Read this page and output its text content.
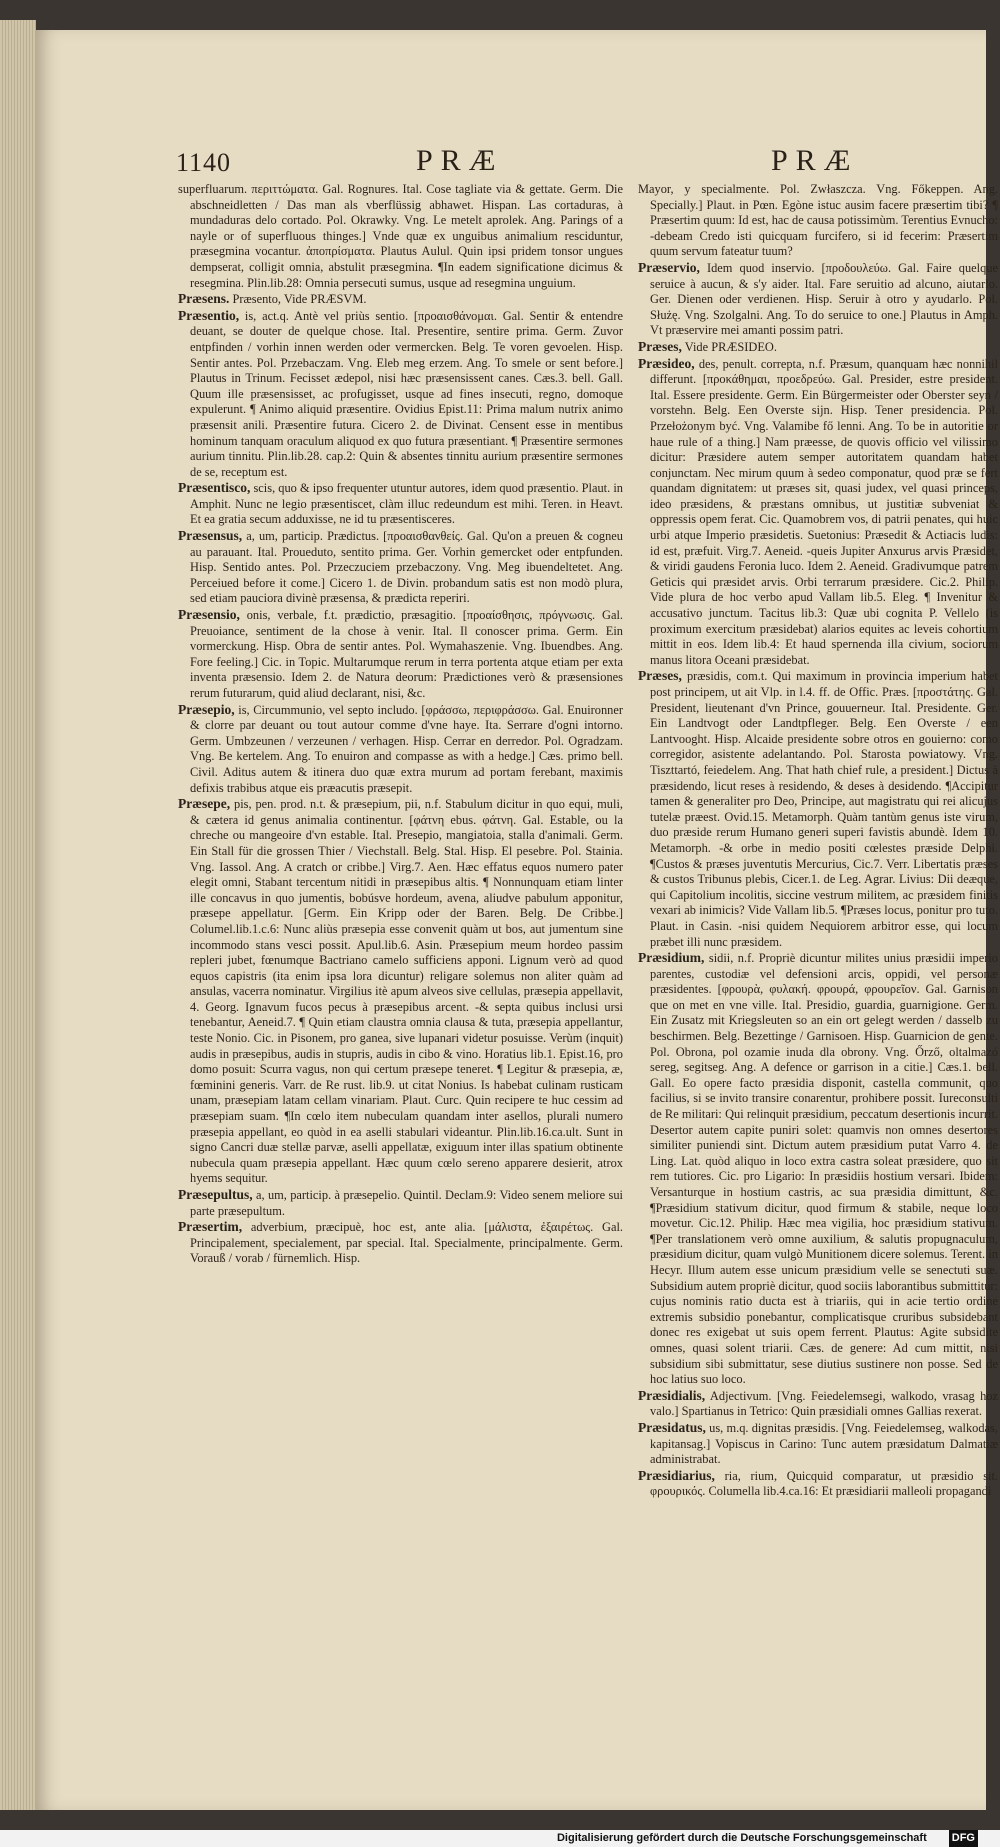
1140	PRÆ	PRÆ

superfluarum. περιττώματα. Gal. Rognures. Ital. Cose tagliate via & gettate. Germ. Die abschneidletten / Das man als vberflüssig abhawet. Hispan. Las cortaduras, à mundaduras delo cortado. Pol. Okrawky. Vng. Le metelt aprolek. Ang. Parings of a nayle or of superfluous thinges.] Vnde quæ ex unguibus animalium resciduntur, præsegmina vocantur. ἀποπρίσματα. Plautus Aulul. Quin ipsi pridem tonsor ungues dempserat, colligit omnia, abstulit præsegmina. ¶In eadem significatione dicimus & resegmina. Plin.lib.28: Omnia persecuti sumus, usque ad resegmina unguium.

Præsens. Præsento, Vide PRÆSVM.

Præsentio, is, act.q. Antè vel priùs sentio. [προαισθάνομαι. Gal. Sentir & entendre deuant, se douter de quelque chose. Ital. Presentire, sentire prima. Germ. Zuvor entpfinden / vorhin innen werden oder vermercken. Belg. Te voren gevoelen. Hisp. Sentir antes. Pol. Przebaczam. Vng. Eleb meg erzem. Ang. To smele or sent before.] Plautus in Trinum. Fecisset ædepol, nisi hæc præsensissent canes. Cæs.3. bell. Gall. Quum ille præsensisset, ac profugisset, usque ad fines insecuti, regno, domoque expulerunt. ¶ Animo aliquid præsentire. Ovidius Epist.11: Prima malum nutrix animo præsensit anili. Præsentire futura. Cicero 2. de Divinat. Censent esse in mentibus hominum tanquam oraculum aliquod ex quo futura præsentiant. ¶ Præsentire sermones aurium tinnitu. Plin.lib.28. cap.2: Quin & absentes tinnitu aurium præsentire sermones de se, receptum est.

Præsentisco, scis, quo & ipso frequenter utuntur autores, idem quod præsentio. Plaut. in Amphit. Nunc ne legio præsentiscet, clàm illuc redeundum est mihi. Teren. in Heavt. Et ea gratia secum adduxisse, ne id tu præsentisceres.

Præsensus, a, um, particip. Prædictus. [προαισθανθείς. Gal. Qu'on a preuen & cogneu au parauant. Ital. Proueduto, sentito prima. Ger. Vorhin gemercket oder entpfunden. Hisp. Sentido antes. Pol. Przeczuciem przebaczony. Vng. Meg ibuendeltetet. Ang. Perceiued before it come.] Cicero 1. de Divin. probandum satis est non modò plura, sed etiam pauciora divinè præsensa, & prædicta reperiri.

Præsensio, onis, verbale, f.t. prædictio, præsagitio. [προαίσθησις, πρόγνωσις. Gal. Preuoiance, sentiment de la chose à venir. Ital. Il conoscer prima. Germ. Ein vormerckung. Hisp. Obra de sentir antes. Pol. Wymahaszenie. Vng. Ibuendbes. Ang. Fore feeling.] Cic. in Topic. Multarumque rerum in terra portenta atque etiam per exta inventa præsensio. Idem 2. de Natura deorum: Prædictiones verò & præsensiones rerum futurarum, quid aliud declarant, nisi, &c.

Præsepio, is, Circummunio, vel septo includo. [φράσσω, περιφράσσω. Gal. Enuironner & clorre par deuant ou tout autour comme d'vne haye. Ita. Serrare d'ogni intorno. Germ. Umbzeunen / verzeunen / verhagen. Hisp. Cerrar en derredor. Pol. Ogradzam. Vng. Be kertelem. Ang. To enuiron and compasse as with a hedge.] Cæs. primo bell. Civil. Aditus autem & itinera duo quæ extra murum ad portam ferebant, maximis defixis trabibus atque eis præacutis præsepit.

Præsepe, pis, pen. prod. n.t. & præsepium, pii, n.f. Stabulum dicitur in quo equi, muli, & cætera id genus animalia continentur. [φάτνη ebus. φάτνη. Gal. Estable, ou la chreche ou mangeoire d'vn estable. Ital. Presepio, mangiatoia, stalla d'animali. Germ. Ein Stall für die grossen Thier / Viechstall. Belg. Stal. Hisp. El pesebre. Pol. Stainia. Vng. Iassol. Ang. A cratch or cribbe.] Virg.7. Aen. Hæc effatus equos numero pater elegit omni, Stabant tercentum nitidi in præsepibus altis. ¶ Nonnunquam etiam linter ille concavus in quo jumentis, bobúsve hordeum, avena, aliudve pabulum apponitur, præsepe appellatur. [Germ. Ein Kripp oder der Baren. Belg. De Cribbe.] Columel.lib.1.c.6: Nunc aliùs præsepia esse convenit quàm ut bos, aut jumentum sine incommodo stans vesci possit. Apul.lib.6. Asin. Præsepium meum hordeo passim repleri jubet, fœnumque Bactriano camelo sufficiens apponi. Lignum verò ad quod equos capistris (ita enim ipsa lora dicuntur) religare solemus non aliter quàm ad ansulas, vacerra nominatur. Virgilius itè apum alveos sive cellulas, præsepia appellavit, 4. Georg. Ignavum fucos pecus à præsepibus arcent. -& septa quibus inclusi ursi tenebantur, Aeneid.7. ¶ Quin etiam claustra omnia clausa & tuta, præsepia appellantur, teste Nonio. Cic. in Pisonem, pro ganea, sive lupanari videtur posuisse. Verùm (inquit) audis in præsepibus, audis in stupris, audis in cibo & vino. Horatius lib.1. Epist.16, pro domo posuit: Scurra vagus, non qui certum præsepe teneret. ¶ Legitur & præsepia, æ, fœminini generis. Varr. de Re rust. lib.9. ut citat Nonius. Is habebat culinam rusticam unam, præsepiam latam cellam vinariam. Plaut. Curc. Quin recipere te huc cessim ad præsepiam suam. ¶In cœlo item nubeculam quandam inter asellos, plurali numero præsepia appellant, eo quòd in ea aselli stabulari videantur. Plin.lib.16.ca.ult. Sunt in signo Cancri duæ stellæ parvæ, aselli appellatæ, exiguum inter illas spatium obtinente nubecula quam præsepia appellant. Hæc quum cœlo sereno apparere desierit, atrox hyems sequitur.

Præsepultus, a, um, particip. à præsepelio. Quintil. Declam.9: Video senem meliore sui parte præsepultum.

Præsertim, adverbium, præcipuè, hoc est, ante alia. [μάλιστα, ἐξαιρέτως. Gal. Principalement, specialement, par special. Ital. Specialmente, principalmente. Germ. Vorauß / vorab / fürnemlich. Hisp.

Mayor, y specialmente. Pol. Zwłaszcza. Vng. Főkeppen. Ang. Specially.] Plaut. in Pœn. Egòne istuc ausim facere præsertim tibi? ¶ Præsertim quum: Id est, hac de causa potissimùm. Terentius Evnucho: -debeam Credo isti quicquam furcifero, si id fecerim: Præsertim quum servum fateatur tuum?

Præservio, Idem quod inservio. [προδουλεύω. Gal. Faire quelque seruice à aucun, & s'y aider. Ital. Fare seruitio ad alcuno, aiutarlo. Ger. Dienen oder verdienen. Hisp. Seruir à otro y ayudarlo. Pol. Służę. Vng. Szolgalni. Ang. To do seruice to one.] Plautus in Amph. Vt præservire mei amanti possim patri.

Præses, Vide PRÆSIDEO.

Præsideo, des, penult. correpta, n.f. Præsum, quanquam hæc nonnihil differunt. [προκάθημαι, προεδρεύω. Gal. Presider, estre president. Ital. Essere presidente. Germ. Ein Bürgermeister oder Oberster seyn / vorstehn. Belg. Een Overste sijn. Hisp. Tener presidencia. Pol. Przełożonym być. Vng. Valamibe fő lenni. Ang. To be in autoritie or haue rule of a thing.] Nam præesse, de quovis officio vel vilissimo dicitur: Præsidere autem semper autoritatem quandam habet conjunctam. Nec mirum quum à sedeo componatur, quod præ se fert quandam dignitatem: ut præses sit, quasi judex, vel quasi princeps, ideo præsidens, & præstans omnibus, ut justitiæ subveniat & oppressis opem ferat. Cic. Quamobrem vos, di patrii penates, qui huic urbi atque Imperio præsidetis. Suetonius: Præsedit & Actiacis ludis: id est, præfuit. Virg.7. Aeneid. -queis Jupiter Anxurus arvis Præsidet, & viridi gaudens Feronia luco. Idem 2. Aeneid. Gradivumque patrem Geticis qui præsidet arvis. Orbi terrarum præsidere. Cic.2. Philip. Vide plura de hoc verbo apud Vallam lib.5. Eleg. ¶ Invenitur & accusativo junctum. Tacitus lib.3: Quæ ubi cognita P. Vellelo (is proximum exercitum præsidebat) alarios equites ac leveis cohortium mittit in eos. Idem lib.4: Et haud spernenda illa civium, sociorum manus litora Oceani præsidebat.

Præses, præsidis, com.t. Qui maximum in provincia imperium habet post principem, ut ait Vlp. in l.4. ff. de Offic. Præs. [προστάτης. Gal. President, lieutenant d'vn Prince, gouuerneur. Ital. Presidente. Ger. Ein Landtvogt oder Landtpfleger. Belg. Een Overste / een Lantvooght. Hisp. Alcaide presidente sobre otros en gouierno: como corregidor, asistente adelantando. Pol. Starosta powiatowy. Vng. Tiszttartó, feiedelem. Ang. That hath chief rule, a president.] Dictus à præsidendo, licut reses à residendo, & deses à desidendo. ¶Accipitur tamen & generaliter pro Deo, Principe, aut magistratu qui rei alicujus tutelæ præest. Ovid.15. Metamorph. Quàm tantùm genus iste virum, duo præside rerum Humano generi superi favistis abundè. Idem 10. Metamorph. -& orbe in medio positi cœlestes præside Delphi. ¶Custos & præses juventutis Mercurius, Cic.7. Verr. Libertatis præses & custos Tribunus plebis, Cicer.1. de Leg. Agrar. Livius: Dii deæque, qui Capitolium incolitis, siccine vestrum militem, ac præsidem finitis vexari ab inimicis? Vide Vallam lib.5. ¶Præses locus, ponitur pro tuto. Plaut. in Casin. -nisi quidem Nequiorem arbitror esse, qui locum præbet illi nunc præsidem.

Præsidium, sidii, n.f. Propriè dicuntur milites unius præsidii imperio parentes, custodiæ vel defensioni arcis, oppidi, vel personæ præsidentes. [φρουρὰ, φυλακή. φρουρά, φρουρεῖον. Gal. Garnison que on met en vne ville. Ital. Presidio, guardia, guarnigione. Germ. Ein Zusatz mit Kriegsleuten so an ein ort gelegt werden / dasselb zu beschirmen. Belg. Bezettinge / Garnisoen. Hisp. Guarnicion de gente. Pol. Obrona, pol ozamie inuda dla obrony. Vng. Őrző, oltalmazó sereg, segitseg. Ang. A defence or garrison in a citie.] Cæs.1. bell. Gall. Eo opere facto præsidia disponit, castella communit, quo facilius, si se invito transire conarentur, prohibere possit. Iureconsulti de Re militari: Qui relinquit præsidium, peccatum desertionis incurrit. Desertor autem capite puniri solet: quamvis non omnes desertores similiter puniendi sint. Dictum autem præsidium putat Varro 4. de Ling. Lat. quòd aliquo in loco extra castra soleat præsidere, quo sit rem tutiores. Cic. pro Ligario: In præsidiis hostium versari. Ibidem: Versanturque in hostium castris, ac sua præsidia dimittunt, &c. ¶Præsidium stativum dicitur, quod firmum & stabile, neque loco movetur. Cic.12. Philip. Hæc mea vigilia, hoc præsidium stativum. ¶Per translationem verò omne auxilium, & salutis propugnaculum, præsidium dicitur, quam vulgò Munitionem dicere solemus. Terent. in Hecyr. Illum autem esse unicum præsidium velle se senectuti suæ. Subsidium autem propriè dicitur, quod sociis laborantibus submittitur: cujus nominis ratio ducta est à triariis, qui in acie tertio ordine extremis subsidio ponebantur, complicatisque cruribus subsidebant donec res exigebat ut suis opem ferrent. Plautus: Agite subsidite omnes, quasi solent triarii. Cæs. de genere: Ad cum mittit, nisi subsidium sibi submittatur, sese diutius sustinere non posse. Sed de hoc latius suo loco.

Præsidialis, Adjectivum. [Vng. Feiedelemsegi, walkodo, vrasag hoz valo.] Spartianus in Tetrico: Quin præsidiali omnes Gallias rexerat.

Præsidatus, us, m.q. dignitas præsidis. [Vng. Feiedelemseg, walkodas, kapitansag.] Vopiscus in Carino: Tunc autem præsidatum Dalmatiæ administrabat.

Præsidiarius, ria, rium, Quicquid comparatur, ut præsidio sit. φρουρικός. Columella lib.4.ca.16: Et præsidiarii malleoli propagandi

Digitalisierung gefördert durch die Deutsche Forschungsgemeinschaft DFG
